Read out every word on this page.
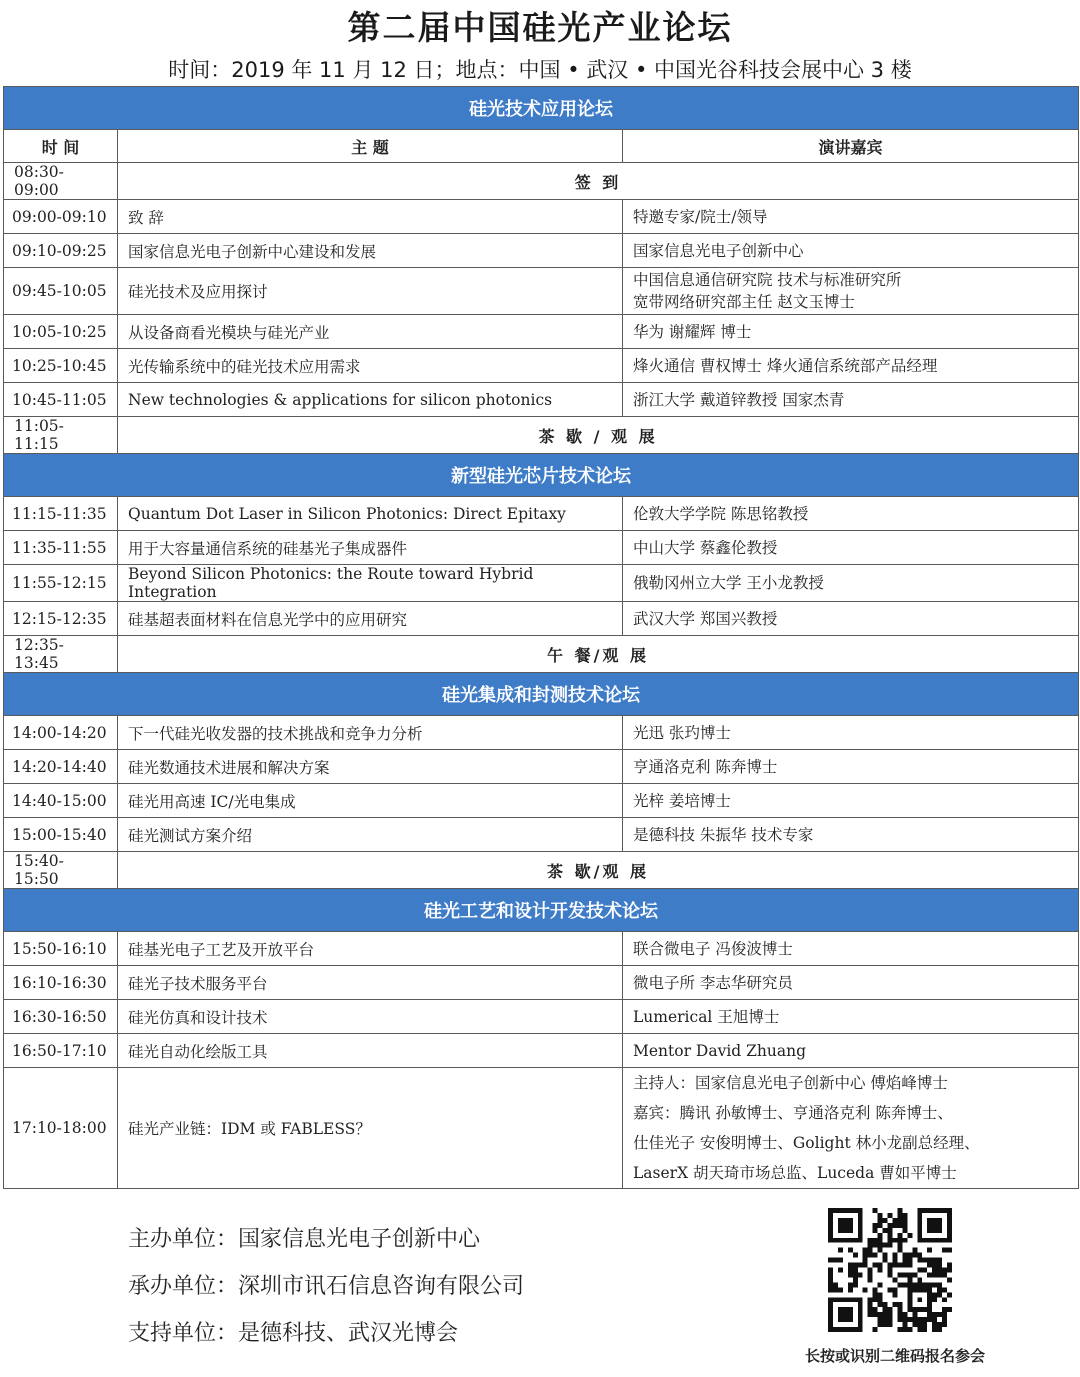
第二届中国硅光产业论坛
时间：2019 年 11 月 12 日；地点：中国 • 武汉 • 中国光谷科技会展中心 3 楼
硅光技术应用论坛		
时 间	主 题	演讲嘉宾
08:30-09:00	签 到	
09:00-09:10	致 辞	特邀专家/院士/领导

09:10-09:25	国家信息光电子创新中心建设和发展	国家信息光电子创新中心

09:45-10:05	硅光技术及应用探讨	中国信息通信研究院 技术与标准研究所
宽带网络研究部主任 赵文玉博士

10:05-10:25	从设备商看光模块与硅光产业	华为 谢耀辉 博士

10:25-10:45	光传输系统中的硅光技术应用需求	烽火通信 曹权博士 烽火通信系统部产品经理

10:45-11:05	New technologies & applications for silicon photonics	浙江大学 戴道锌教授 国家杰青

11:05-11:15	茶 歇 / 观 展	
新型硅光芯片技术论坛		
11:15-11:35	Quantum Dot Laser in Silicon Photonics: Direct Epitaxy	伦敦大学学院 陈思铭教授

11:35-11:55	用于大容量通信系统的硅基光子集成器件	中山大学 蔡鑫伦教授

11:55-12:15	Beyond Silicon Photonics: the Route toward Hybrid Integration	俄勒冈州立大学 王小龙教授

12:15-12:35	硅基超表面材料在信息光学中的应用研究	武汉大学 郑国兴教授

12:35-13:45	午 餐/观 展	
硅光集成和封测技术论坛		
14:00-14:20	下一代硅光收发器的技术挑战和竞争力分析	光迅 张玓博士

14:20-14:40	硅光数通技术进展和解决方案	亨通洛克利 陈奔博士

14:40-15:00	硅光用高速 IC/光电集成	光梓 姜培博士

15:00-15:40	硅光测试方案介绍	是德科技 朱振华 技术专家

15:40-15:50	茶 歇/观 展	
硅光工艺和设计开发技术论坛		
15:50-16:10	硅基光电子工艺及开放平台	联合微电子 冯俊波博士

16:10-16:30	硅光子技术服务平台	微电子所 李志华研究员

16:30-16:50	硅光仿真和设计技术	Lumerical 王旭博士

16:50-17:10	硅光自动化绘版工具	Mentor David Zhuang

17:10-18:00	硅光产业链：IDM 或 FABLESS？	主持人：国家信息光电子创新中心 傅焰峰博士
嘉宾：腾讯 孙敏博士、亨通洛克利 陈奔博士、
仕佳光子 安俊明博士、Golight 林小龙副总经理、
LaserX 胡天琦市场总监、Luceda 曹如平博士
主办单位：国家信息光电子创新中心
承办单位：深圳市讯石信息咨询有限公司
支持单位：是德科技、武汉光博会
长按或识别二维码报名参会
